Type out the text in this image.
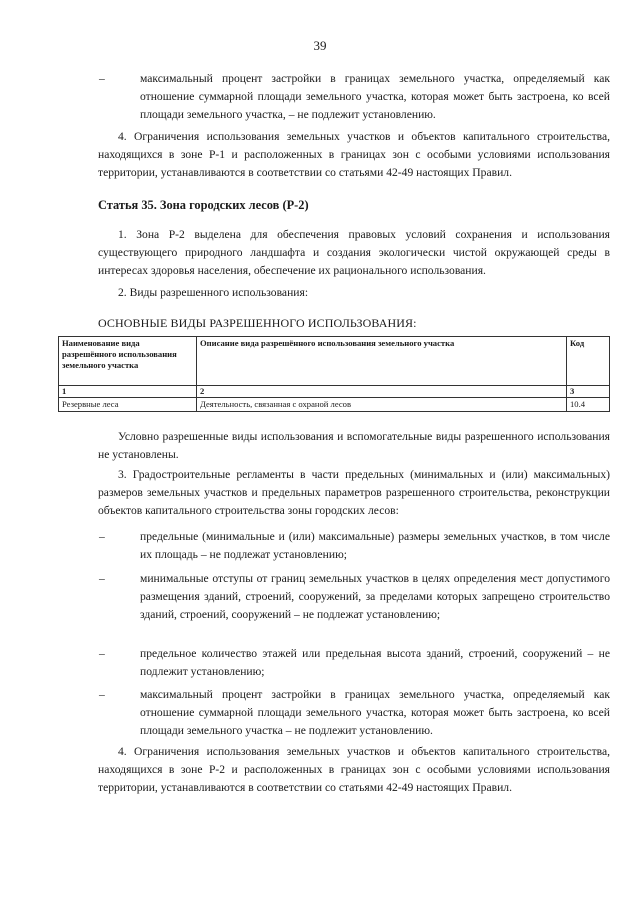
39
–	максимальный процент застройки в границах земельного участка, определяемый как отношение суммарной площади земельного участка, которая может быть застроена, ко всей площади земельного участка, – не подлежит установлению.
4. Ограничения использования земельных участков и объектов капитального строительства, находящихся в зоне Р-1 и расположенных в границах зон с особыми условиями использования территории, устанавливаются в соответствии со статьями 42-49 настоящих Правил.
Статья 35. Зона городских лесов (Р-2)
1. Зона Р-2 выделена для обеспечения правовых условий сохранения и использования существующего природного ландшафта и создания экологически чистой окружающей среды в интересах здоровья населения, обеспечение их рационального использования.
2. Виды разрешенного использования:
ОСНОВНЫЕ ВИДЫ РАЗРЕШЕННОГО ИСПОЛЬЗОВАНИЯ:
Наименование вида разрешённого использования земельного участка	Описание вида разрешённого использования земельного участка	Код
1	2	3
Резервные леса	Деятельность, связанная с охраной лесов	10.4
Условно разрешенные виды использования и вспомогательные виды разрешенного использования не установлены.
3. Градостроительные регламенты в части предельных (минимальных и (или) максимальных) размеров земельных участков и предельных параметров разрешенного строительства, реконструкции объектов капитального строительства зоны городских лесов:
–	предельные (минимальные и (или) максимальные) размеры земельных участков, в том числе их площадь – не подлежат установлению;
–	минимальные отступы от границ земельных участков в целях определения мест допустимого размещения зданий, строений, сооружений, за пределами которых запрещено строительство зданий, строений, сооружений – не подлежат установлению;
–	предельное количество этажей или предельная высота зданий, строений, сооружений – не подлежит установлению;
–	максимальный процент застройки в границах земельного участка, определяемый как отношение суммарной площади земельного участка, которая может быть застроена, ко всей площади земельного участка – не подлежит установлению.
4. Ограничения использования земельных участков и объектов капитального строительства, находящихся в зоне Р-2 и расположенных в границах зон с особыми условиями использования территории, устанавливаются в соответствии со статьями 42-49 настоящих Правил.
